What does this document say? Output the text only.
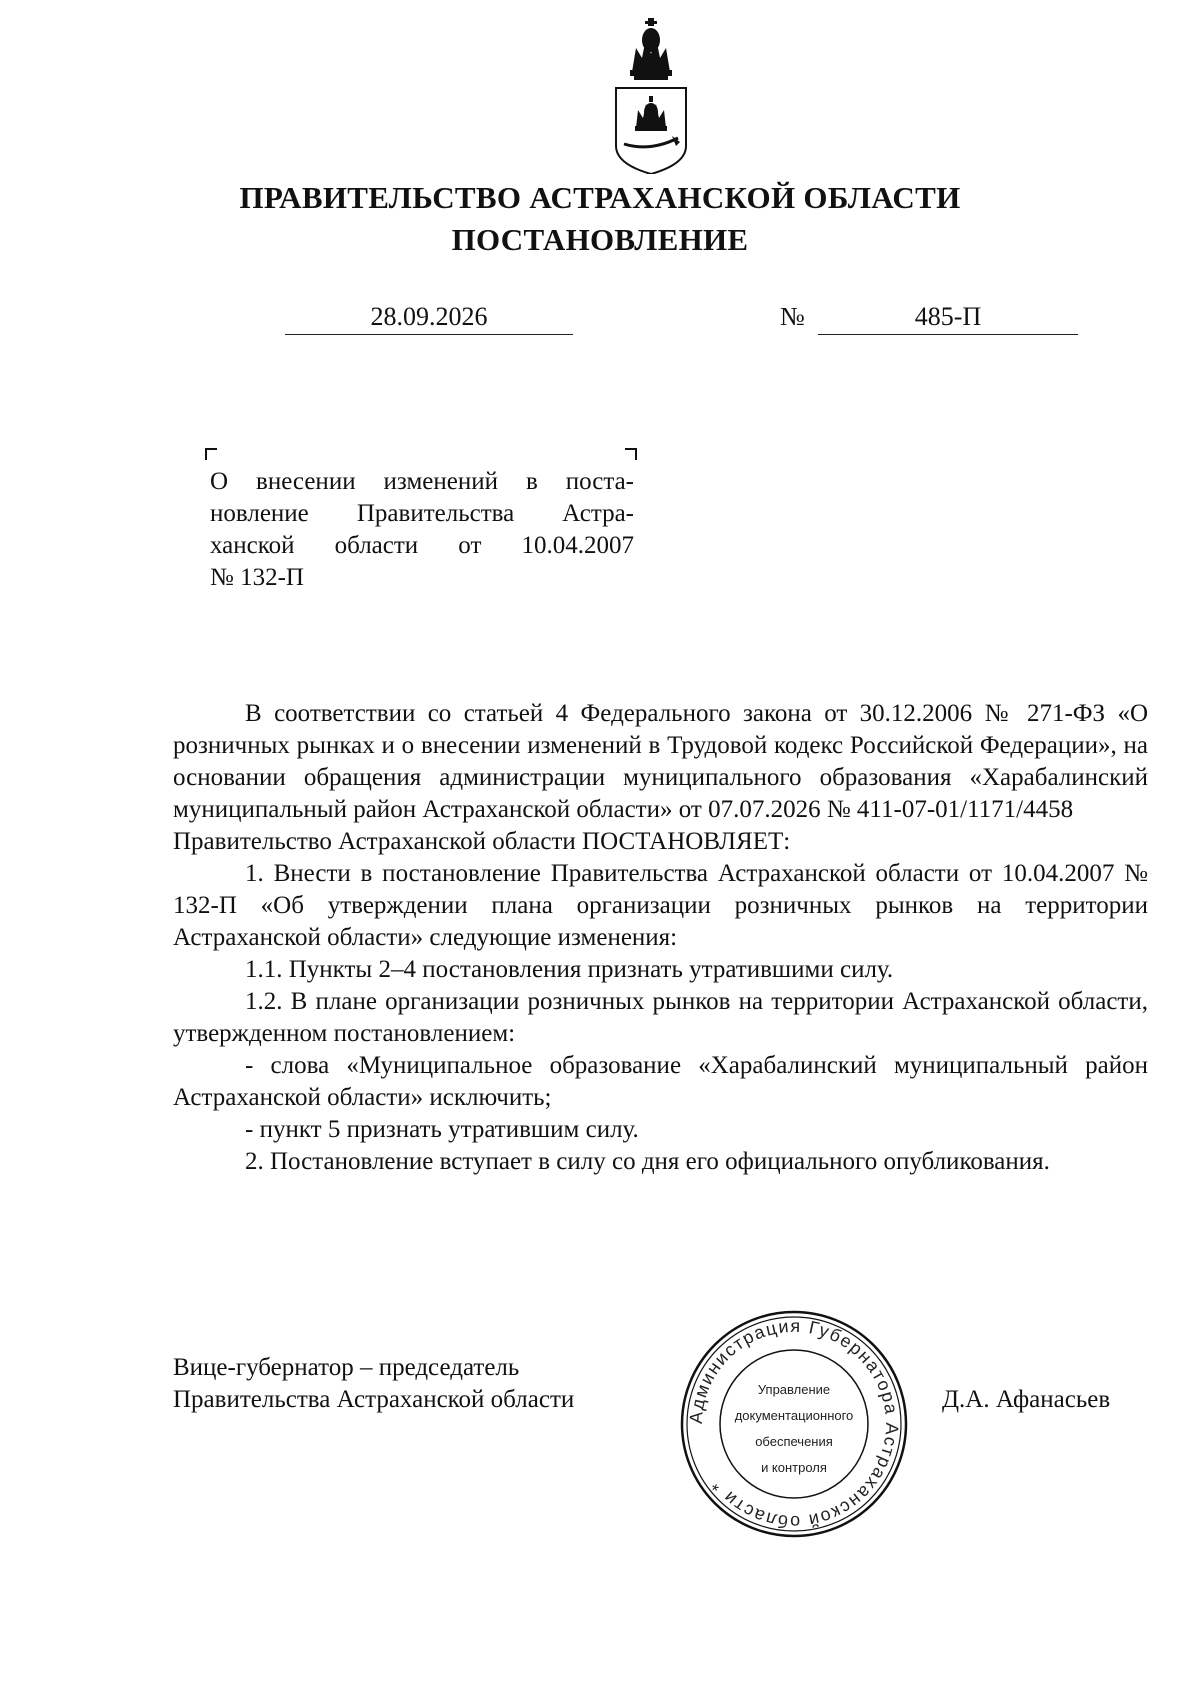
ПРАВИТЕЛЬСТВО АСТРАХАНСКОЙ ОБЛАСТИ
ПОСТАНОВЛЕНИЕ
28.09.2026	№	485-П
О внесении изменений в поста-
новление Правительства Астра-
ханской области от 10.04.2007
№ 132-П

В соответствии со статьей 4 Федерального закона от 30.12.2006 № 271-ФЗ «О розничных рынках и о внесении изменений в Трудовой кодекс Российской Федерации», на основании обращения администрации муниципального образования «Харабалинский муниципальный район Астраханской области» от 07.07.2026 № 411-07-01/1171/4458

Правительство Астраханской области ПОСТАНОВЛЯЕТ:

1. Внести в постановление Правительства Астраханской области от 10.04.2007 № 132-П «Об утверждении плана организации розничных рынков на территории Астраханской области» следующие изменения:

1.1. Пункты 2–4 постановления признать утратившими силу.

1.2. В плане организации розничных рынков на территории Астраханской области, утвержденном постановлением:

- слова «Муниципальное образование «Харабалинский муниципальный район Астраханской области» исключить;

- пункт 5 признать утратившим силу.

2. Постановление вступает в силу со дня его официального опубликования.

Вице-губернатор – председатель
Правительства Астраханской области
Администрация Губернатора Астраханской области *
Управление
документационного
обеспечения
и контроля
Д.А. Афанасьев
